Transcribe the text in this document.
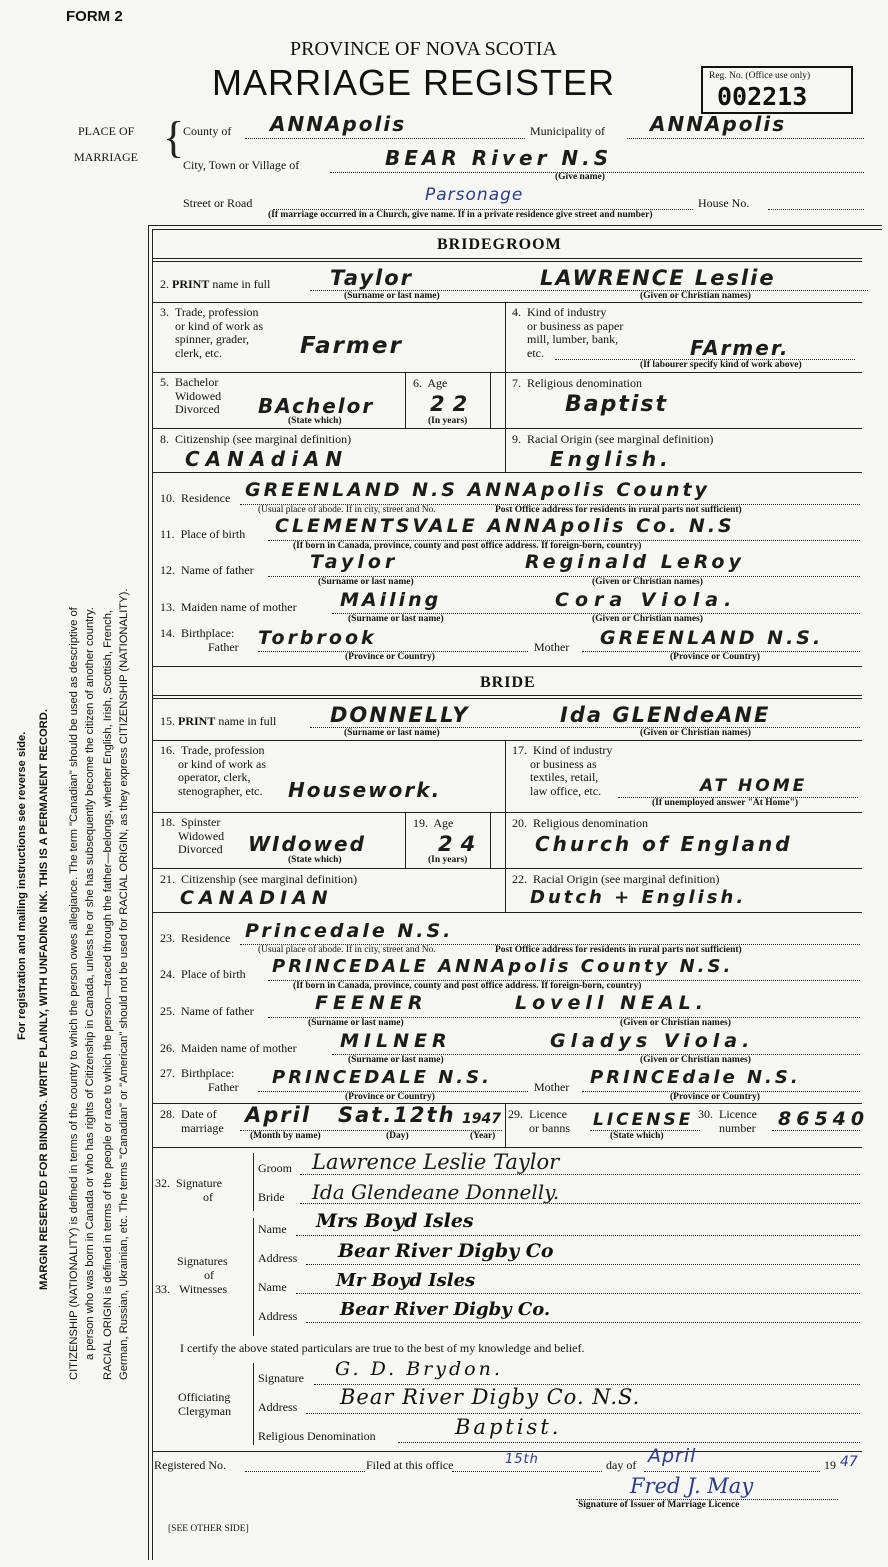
FORM 2
PROVINCE OF NOVA SCOTIA
MARRIAGE REGISTER	Reg. No. (Office use only)
002213
PLACE OF
MARRIAGE {
County of ANNApolis	Municipality of ANNApolis
City, Town or Village of	BEAR River N.S
(Give name)
Street or Road	Parsonage	House No.
(If marriage occurred in a Church, give name. If in a private residence give street and number)
For registration and mailing instructions see reverse side. MARGIN RESERVED FOR BINDING. WRITE PLAINLY, WITH UNFADING INK. THIS IS A PERMANENT RECORD. CITIZENSHIP (NATIONALITY) is defined in terms of the country to which the person owes allegiance. The term "Canadian" should be used as descriptive of a person who was born in Canada or who has rights of Citizenship in Canada, unless he or she has subsequently become the citizen of another country. RACIAL ORIGIN is defined in terms of the people or race to which the person—traced through the father—belongs, whether English, Irish, Scottish, French, German, Russian, Ukrainian, etc. The terms "Canadian" or "American" should not be used for RACIAL ORIGIN, as they express CITIZENSHIP (NATIONALITY).
BRIDEGROOM
2. PRINT name in full	Taylor	LAWRENCE Leslie
(Surname or last name)	(Given or Christian names)
3. Trade, profession
or kind of work as
spinner, grader,
clerk, etc.	Farmer
4. Kind of industry
or business as paper
mill, lumber, bank,
etc.	FArmer.
(If labourer specify kind of work above)
5. Bachelor
Widowed
Divorced BAchelor
(State which)
6. Age
22
(In years)
7. Religious denomination
Baptist
8. Citizenship (see marginal definition)
CANAdiAN
9. Racial Origin (see marginal definition)
English.
10. Residence GREENLAND N.S ANNApolis County
(Usual place of abode. If in city, street and No.	Post Office address for residents in rural parts not sufficient)
11. Place of birth CLEMENTSVALE ANNApolis Co. N.S
(If born in Canada, province, county and post office address. If foreign-born, country)
12. Name of father	Taylor	Reginald LeRoy
(Surname or last name)	(Given or Christian names)
13. Maiden name of mother MAiling	Cora Viola.
(Surname or last name)	(Given or Christian names)
14. Birthplace:
Father Torbrook	Mother GREENLAND N.S.
(Province or Country)	(Province or Country)
BRIDE
15. PRINT name in full	DONNELLY	Ida GLENdeANE
(Surname or last name)	(Given or Christian names)
16. Trade, profession
or kind of work as
operator, clerk,
stenographer, etc. Housework.
17. Kind of industry
or business as
textiles, retail,
law office, etc.	AT HOME
(If unemployed answer "At Home")
18. Spinster
Widowed
Divorced WIdowed
(State which)
19. Age
24
(In years)
20. Religious denomination
Church of England
21. Citizenship (see marginal definition)
CANADIAN
22. Racial Origin (see marginal definition)
Dutch + English.
23. Residence Princedale N.S.
(Usual place of abode. If in city, street and No.	Post Office address for residents in rural parts not sufficient)
24. Place of birth PRINCEDALE ANNApolis County N.S.
(If born in Canada, province, county and post office address. If foreign-born, country)
25. Name of father	FEENER	Lovell NEAL.
(Surname or last name)	(Given or Christian names)
26. Maiden name of mother MILNER	Gladys Viola.
(Surname or last name)	(Given or Christian names)
27. Birthplace:
Father PRINCEDALE N.S.	Mother PRINCEdale N.S.
(Province or Country)	(Province or Country)
28. Date of
marriage
April Sat.12th 1947
(Month by name)	(Day)	(Year)
29. Licence
or banns LICENSE
(State which)
30. Licence
number 86540
32. Signature
of
Groom Lawrence Leslie Taylor
Bride Ida Glendeane Donnelly.
Signatures
of
33. Witnesses
Name Mrs Boyd Isles
Address Bear River Digby Co
Name	Mr Boyd Isles
Address Bear River Digby Co.
I certify the above stated particulars are true to the best of my knowledge and belief.
Officiating
Clergyman
Signature G. D. Brydon.
Address Bear River Digby Co. N.S.
Religious Denomination	Baptist.
Registered No.	Filed at this office	15th	day of April	19 47
Fred J. May
Signature of Issuer of Marriage Licence
[SEE OTHER SIDE]
